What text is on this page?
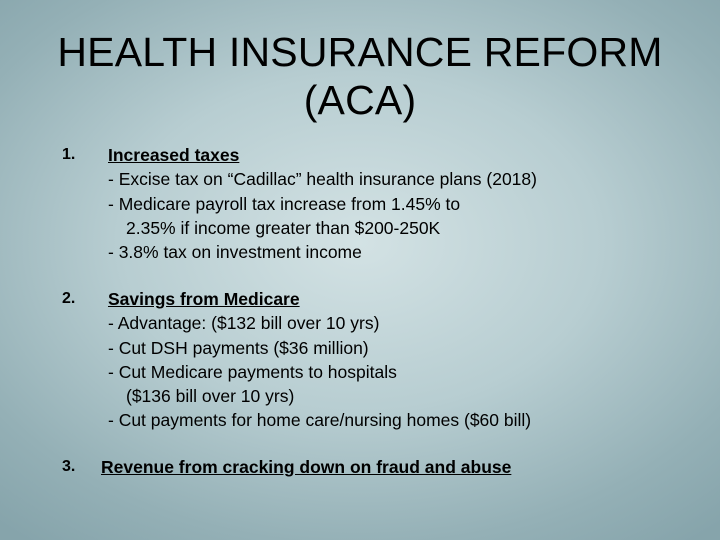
HEALTH INSURANCE REFORM
(ACA)
1. Increased taxes
- Excise tax on “Cadillac” health insurance plans (2018)
- Medicare payroll tax increase from 1.45% to
2.35% if income greater than $200-250K
- 3.8% tax on investment income
2. Savings from Medicare
- Advantage: ($132 bill over 10 yrs)
- Cut DSH payments ($36 million)
- Cut Medicare payments to hospitals
($136 bill over 10 yrs)
- Cut payments for home care/nursing homes ($60 bill)
3. Revenue from cracking down on fraud and abuse
